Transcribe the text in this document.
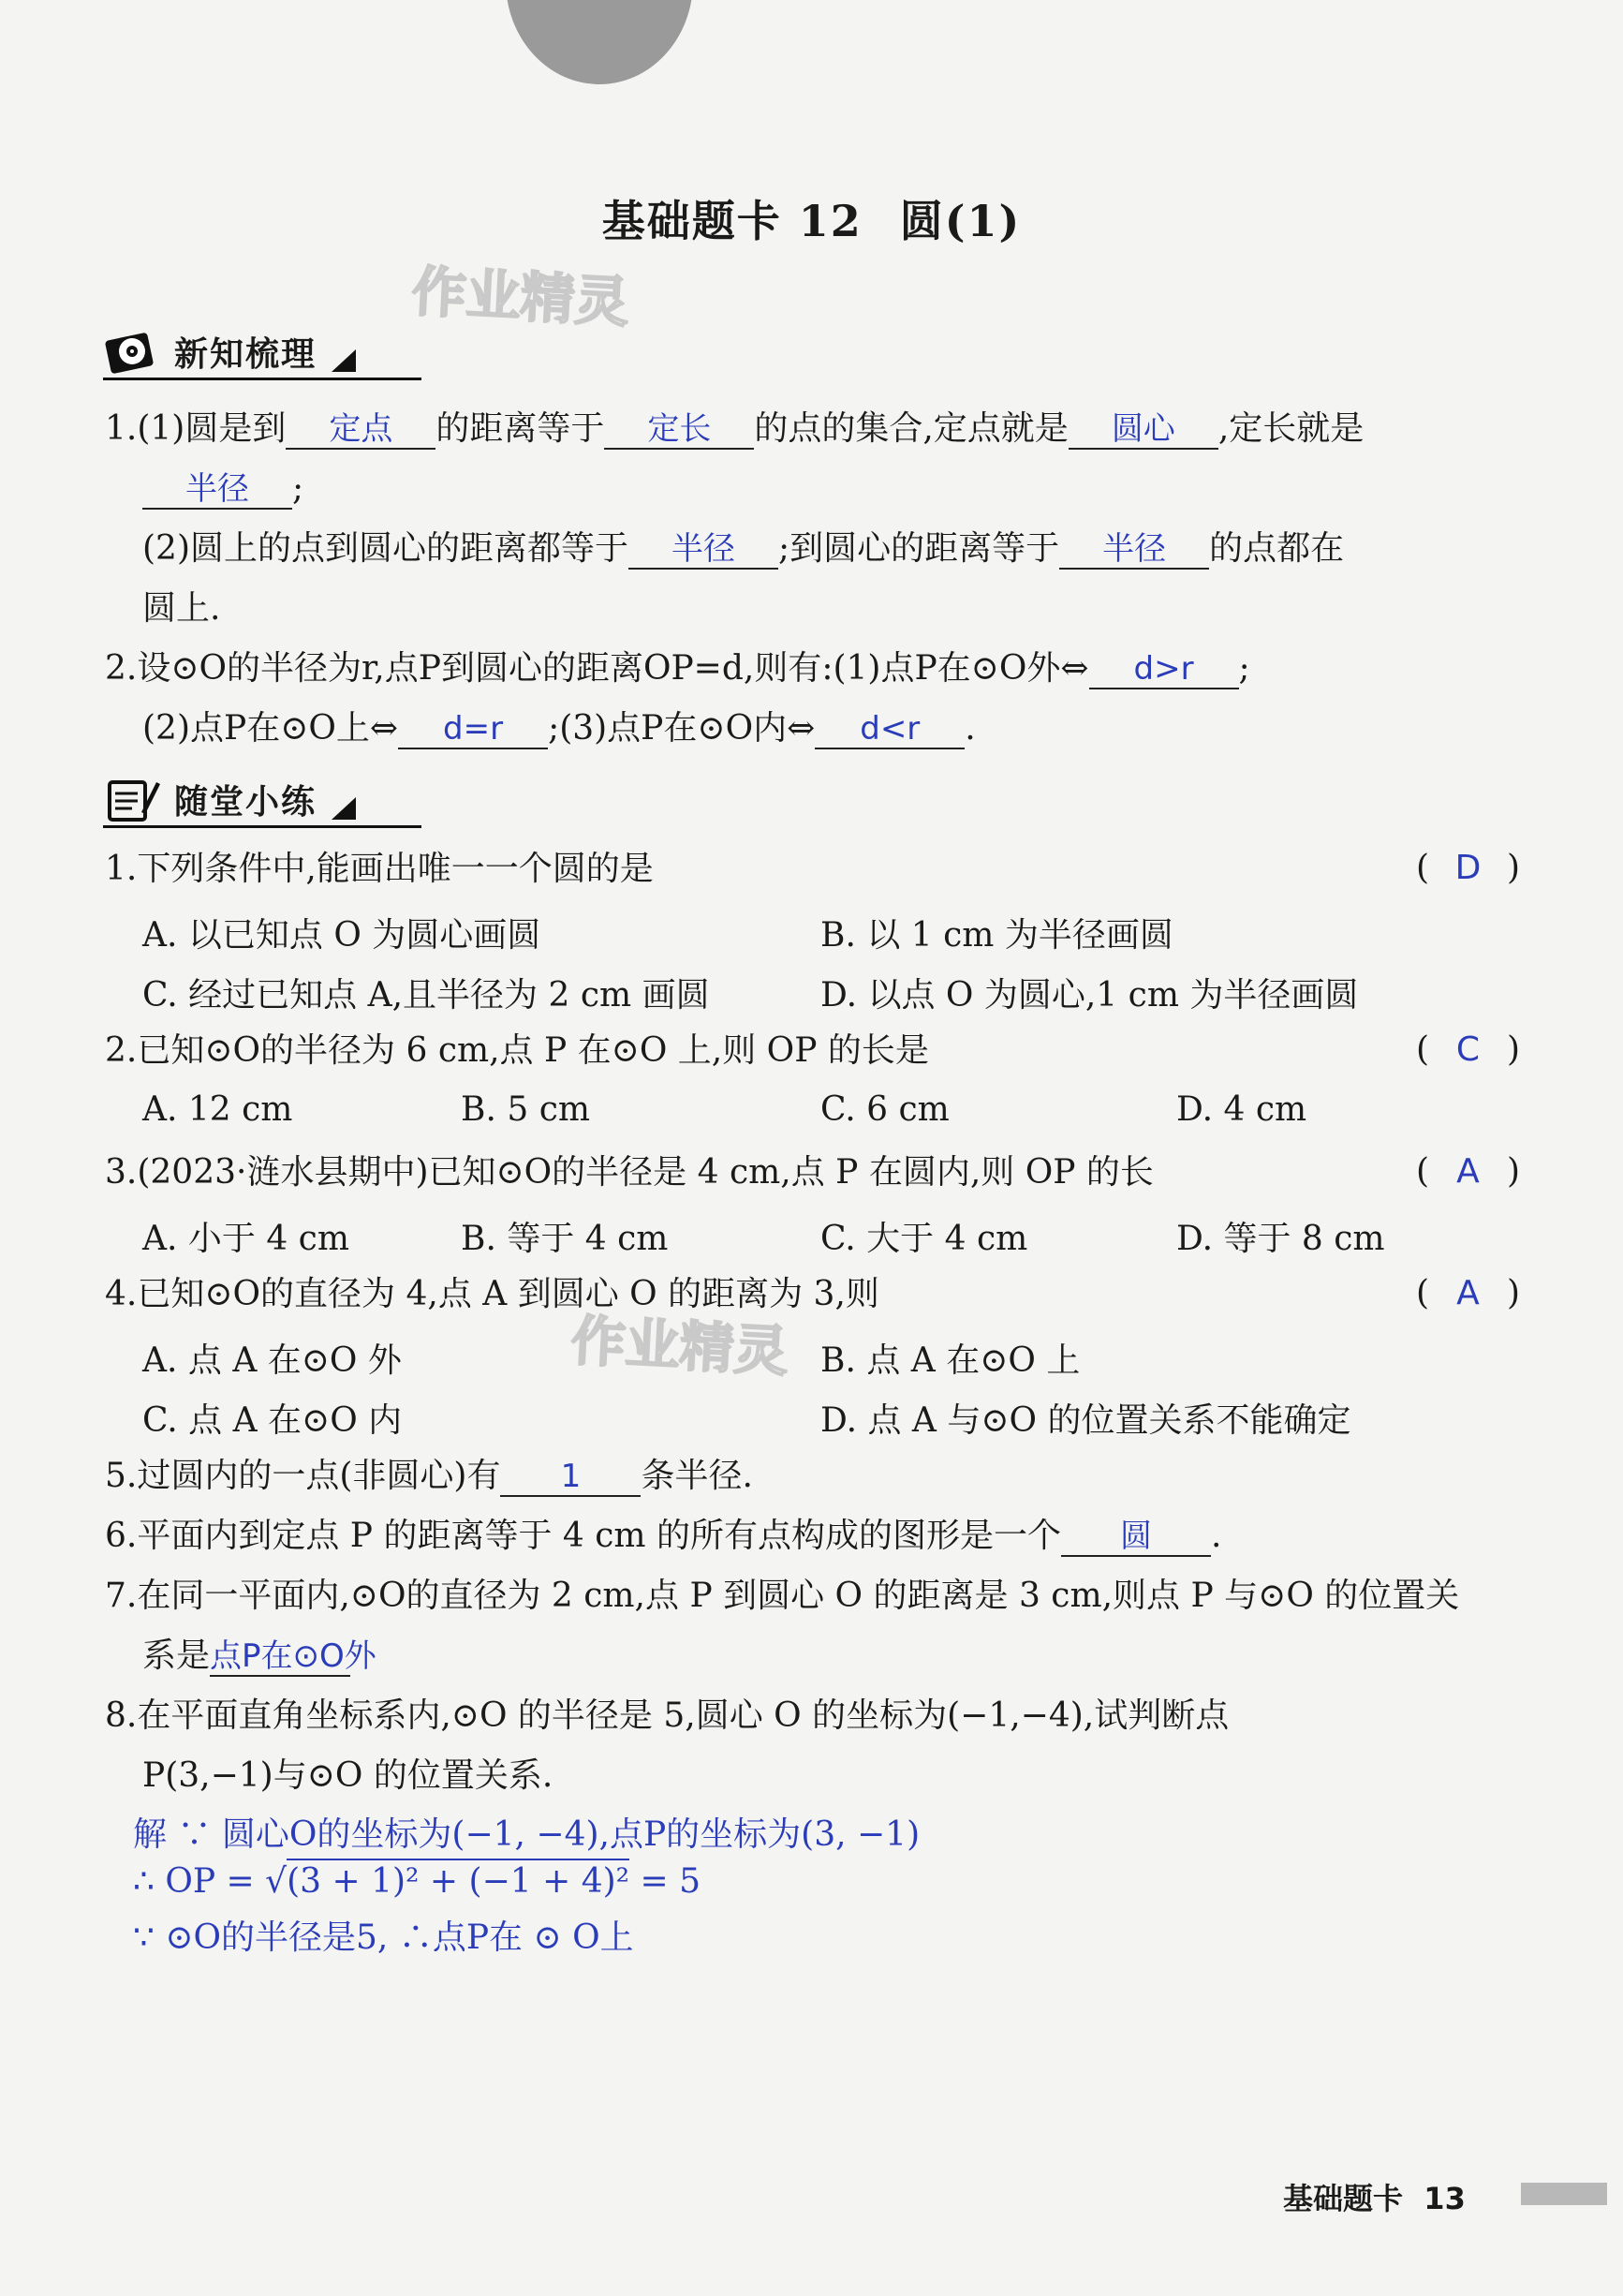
基础题卡 12 圆(1)
作业精灵
作业精灵
新知梳理
1.(1)圆是到 定点 的距离等于 定长 的点的集合,定点就是 圆心 ,定长就是
半径 ;
(2)圆上的点到圆心的距离都等于 半径 ;到圆心的距离等于 半径 的点都在
圆上.
2.设⊙O的半径为r,点P到圆心的距离OP=d,则有:(1)点P在⊙O外⇔ d>r ;
(2)点P在⊙O上⇔ d=r ;(3)点P在⊙O内⇔ d<r .
随堂小练
1.下列条件中,能画出唯一一个圆的是	( D )
A. 以已知点 O 为圆心画圆	B. 以 1 cm 为半径画圆
C. 经过已知点 A,且半径为 2 cm 画圆	D. 以点 O 为圆心,1 cm 为半径画圆
2.已知⊙O的半径为 6 cm,点 P 在⊙O 上,则 OP 的长是	( C )
A. 12 cm	B. 5 cm	C. 6 cm	D. 4 cm
3.(2023·涟水县期中)已知⊙O的半径是 4 cm,点 P 在圆内,则 OP 的长	( A )
A. 小于 4 cm	B. 等于 4 cm	C. 大于 4 cm	D. 等于 8 cm
4.已知⊙O的直径为 4,点 A 到圆心 O 的距离为 3,则	( A )
A. 点 A 在⊙O 外	B. 点 A 在⊙O 上
C. 点 A 在⊙O 内	D. 点 A 与⊙O 的位置关系不能确定
5.过圆内的一点(非圆心)有 1 条半径.
6.平面内到定点 P 的距离等于 4 cm 的所有点构成的图形是一个 圆 .
7.在同一平面内,⊙O的直径为 2 cm,点 P 到圆心 O 的距离是 3 cm,则点 P 与⊙O 的位置关
系是点P在⊙O外
8.在平面直角坐标系内,⊙O 的半径是 5,圆心 O 的坐标为(−1,−4),试判断点
P(3,−1)与⊙O 的位置关系.
解 ∵ 圆心O的坐标为(−1, −4),点P的坐标为(3, −1)
∴ OP = √(3 + 1)² + (−1 + 4)² = 5
∵ ⊙O的半径是5, ∴点P在 ⊙ O上
基础题卡 13
